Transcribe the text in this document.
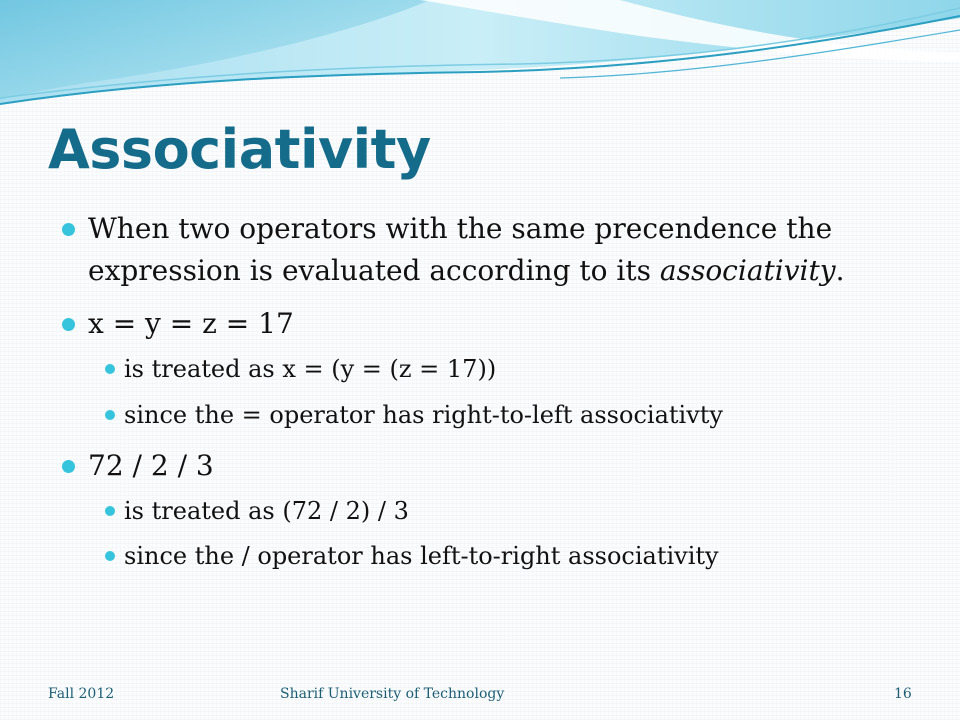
Associativity
When two operators with the same precendence the expression is evaluated according to its associativity.
x = y = z = 17
is treated as x = (y = (z = 17))
since the = operator has right-to-left associativty
72 / 2 / 3
is treated as (72 / 2) / 3
since the / operator has left-to-right associativity
Fall 2012	Sharif University of Technology	16
